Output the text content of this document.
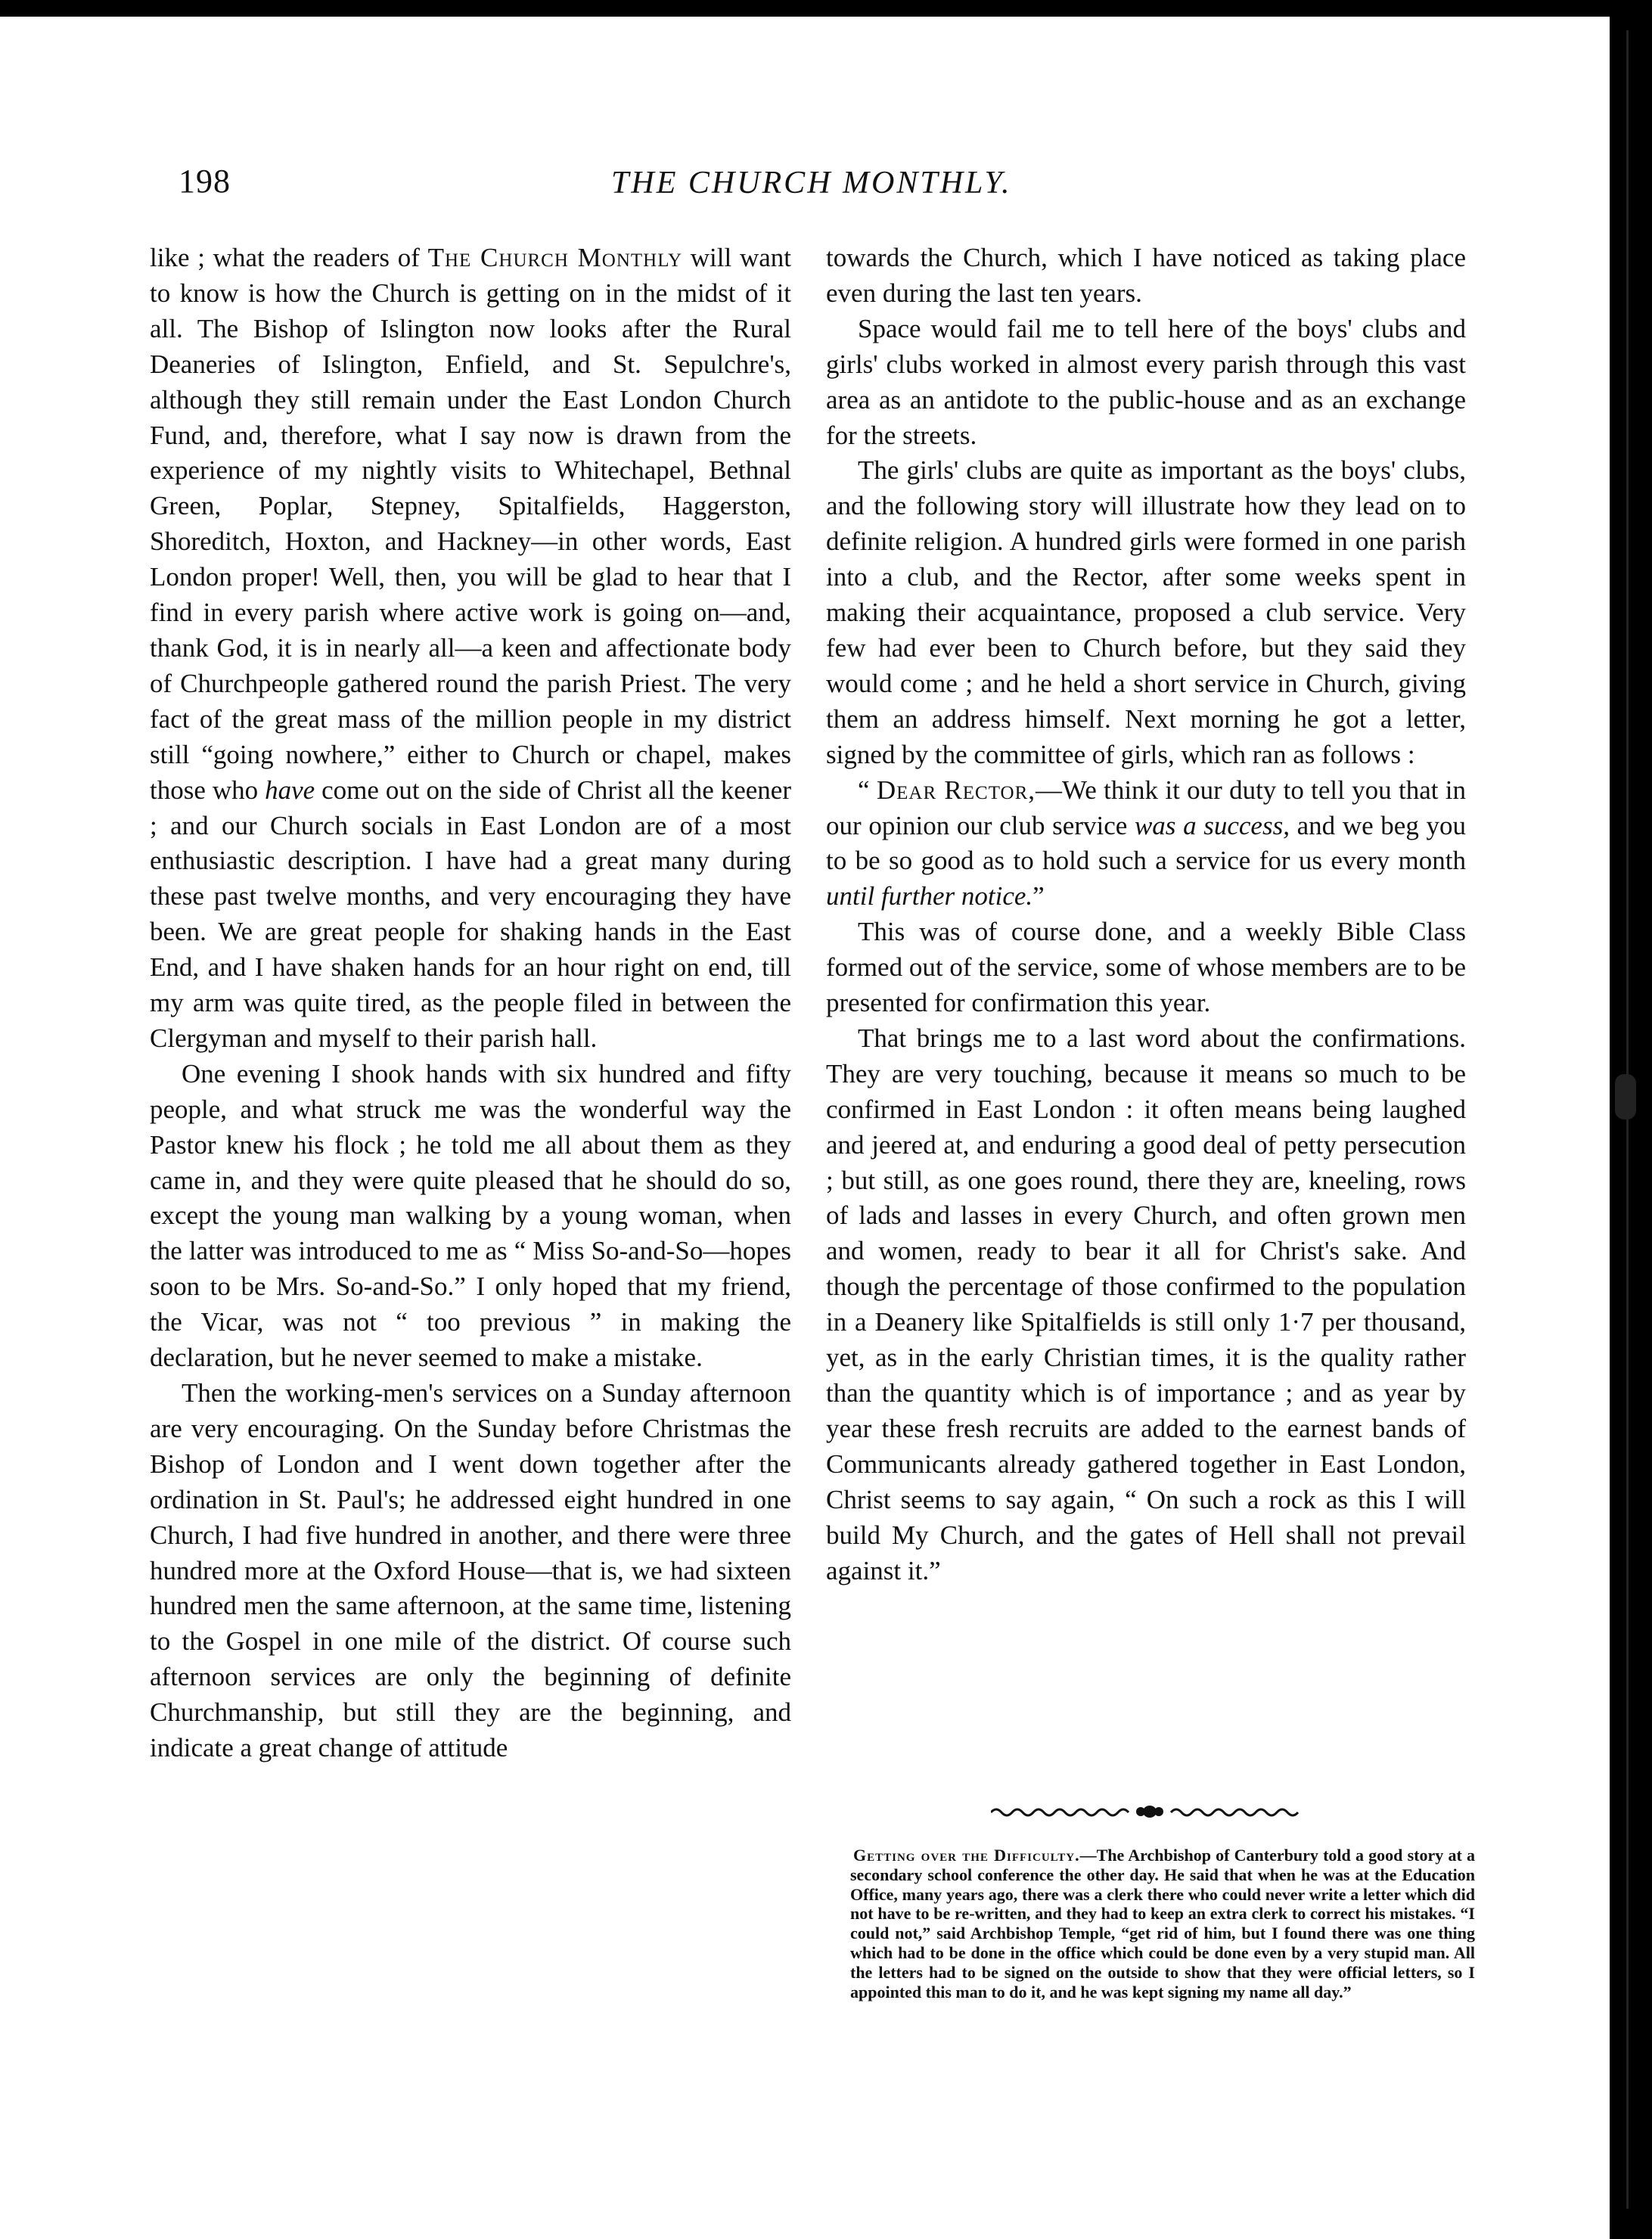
198	THE CHURCH MONTHLY.

like ; what the readers of The Church Monthly will want to know is how the Church is getting on in the midst of it all. The Bishop of Islington now looks after the Rural Deaneries of Islington, Enfield, and St. Sepulchre's, although they still remain under the East London Church Fund, and, therefore, what I say now is drawn from the experience of my nightly visits to Whitechapel, Bethnal Green, Poplar, Stepney, Spitalfields, Haggerston, Shoreditch, Hoxton, and Hackney—in other words, East London proper! Well, then, you will be glad to hear that I find in every parish where active work is going on—and, thank God, it is in nearly all—a keen and affectionate body of Churchpeople gathered round the parish Priest. The very fact of the great mass of the million people in my district still “going nowhere,” either to Church or chapel, makes those who have come out on the side of Christ all the keener ; and our Church socials in East London are of a most enthusiastic description. I have had a great many during these past twelve months, and very encouraging they have been. We are great people for shaking hands in the East End, and I have shaken hands for an hour right on end, till my arm was quite tired, as the people filed in between the Clergyman and myself to their parish hall.

One evening I shook hands with six hundred and fifty people, and what struck me was the wonderful way the Pastor knew his flock ; he told me all about them as they came in, and they were quite pleased that he should do so, except the young man walking by a young woman, when the latter was introduced to me as “ Miss So-and-So—hopes soon to be Mrs. So-and-So.” I only hoped that my friend, the Vicar, was not “ too previous ” in making the declaration, but he never seemed to make a mistake.

Then the working-men's services on a Sunday afternoon are very encouraging. On the Sunday before Christmas the Bishop of London and I went down together after the ordination in St. Paul's; he addressed eight hundred in one Church, I had five hundred in another, and there were three hundred more at the Oxford House—that is, we had sixteen hundred men the same afternoon, at the same time, listening to the Gospel in one mile of the district. Of course such afternoon services are only the beginning of definite Churchmanship, but still they are the beginning, and indicate a great change of attitude

towards the Church, which I have noticed as taking place even during the last ten years.

Space would fail me to tell here of the boys' clubs and girls' clubs worked in almost every parish through this vast area as an antidote to the public-house and as an exchange for the streets.

The girls' clubs are quite as important as the boys' clubs, and the following story will illustrate how they lead on to definite religion. A hundred girls were formed in one parish into a club, and the Rector, after some weeks spent in making their acquaintance, proposed a club service. Very few had ever been to Church before, but they said they would come ; and he held a short service in Church, giving them an address himself. Next morning he got a letter, signed by the committee of girls, which ran as follows :

“ Dear Rector,—We think it our duty to tell you that in our opinion our club service was a success, and we beg you to be so good as to hold such a service for us every month until further notice.”

This was of course done, and a weekly Bible Class formed out of the service, some of whose members are to be presented for confirmation this year.

That brings me to a last word about the confirmations. They are very touching, because it means so much to be confirmed in East London : it often means being laughed and jeered at, and enduring a good deal of petty persecution ; but still, as one goes round, there they are, kneeling, rows of lads and lasses in every Church, and often grown men and women, ready to bear it all for Christ's sake. And though the percentage of those confirmed to the population in a Deanery like Spitalfields is still only 1·7 per thousand, yet, as in the early Christian times, it is the quality rather than the quantity which is of importance ; and as year by year these fresh recruits are added to the earnest bands of Communicants already gathered together in East London, Christ seems to say again, “ On such a rock as this I will build My Church, and the gates of Hell shall not prevail against it.”

Getting over the Difficulty.—The Archbishop of Canterbury told a good story at a secondary school conference the other day. He said that when he was at the Education Office, many years ago, there was a clerk there who could never write a letter which did not have to be re-written, and they had to keep an extra clerk to correct his mistakes. “I could not,” said Archbishop Temple, “get rid of him, but I found there was one thing which had to be done in the office which could be done even by a very stupid man. All the letters had to be signed on the outside to show that they were official letters, so I appointed this man to do it, and he was kept signing my name all day.”
